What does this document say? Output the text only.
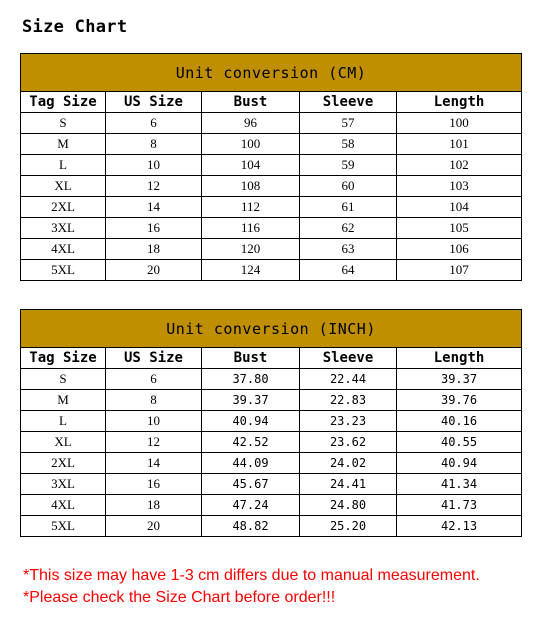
Size Chart
Unit conversion (CM)				
Tag Size	US Size	Bust	Sleeve	Length
S	6	96	57	100
M	8	100	58	101
L	10	104	59	102
XL	12	108	60	103
2XL	14	112	61	104
3XL	16	116	62	105
4XL	18	120	63	106
5XL	20	124	64	107
Unit conversion (INCH)				
Tag Size	US Size	Bust	Sleeve	Length
S	6	37.80	22.44	39.37
M	8	39.37	22.83	39.76
L	10	40.94	23.23	40.16
XL	12	42.52	23.62	40.55
2XL	14	44.09	24.02	40.94
3XL	16	45.67	24.41	41.34
4XL	18	47.24	24.80	41.73
5XL	20	48.82	25.20	42.13
*This size may have 1-3 cm differs due to manual measurement.
*Please check the Size Chart before order!!!
